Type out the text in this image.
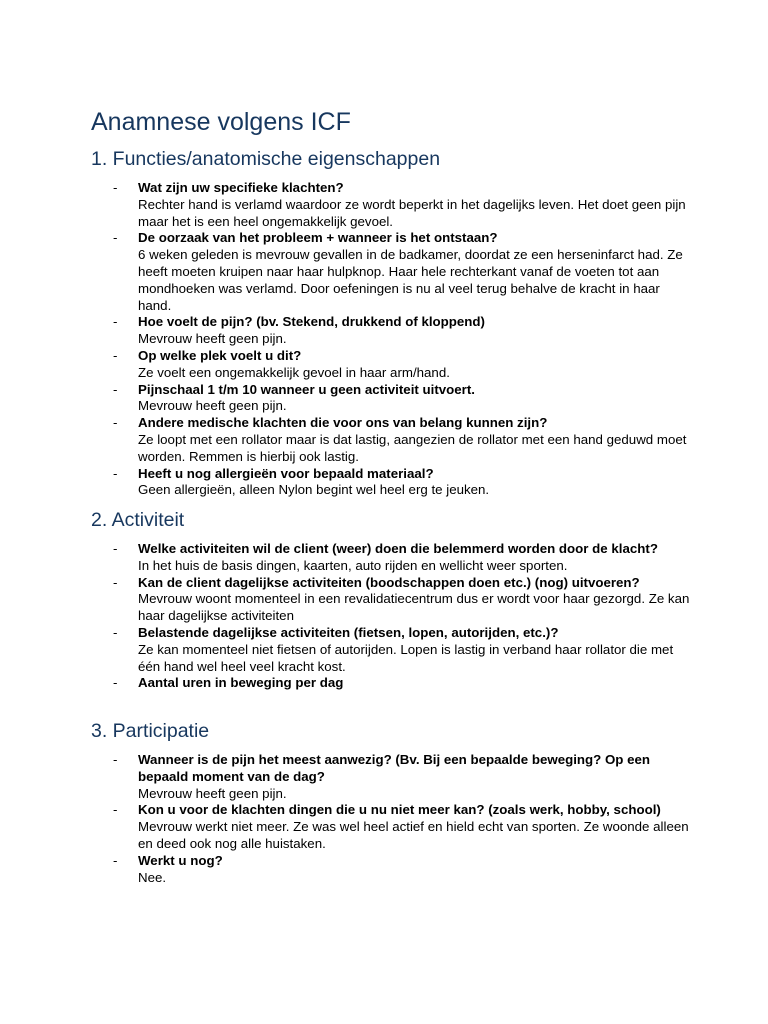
Anamnese volgens ICF
1. Functies/anatomische eigenschappen
- Wat zijn uw specifieke klachten?
Rechter hand is verlamd waardoor ze wordt beperkt in het dagelijks leven. Het doet geen pijn maar het is een heel ongemakkelijk gevoel.
- De oorzaak van het probleem + wanneer is het ontstaan?
6 weken geleden is mevrouw gevallen in de badkamer, doordat ze een herseninfarct had. Ze heeft moeten kruipen naar haar hulpknop. Haar hele rechterkant vanaf de voeten tot aan mondhoeken was verlamd. Door oefeningen is nu al veel terug behalve de kracht in haar hand.
- Hoe voelt de pijn? (bv. Stekend, drukkend of kloppend)
Mevrouw heeft geen pijn.
- Op welke plek voelt u dit?
Ze voelt een ongemakkelijk gevoel in haar arm/hand.
- Pijnschaal 1 t/m 10 wanneer u geen activiteit uitvoert.
Mevrouw heeft geen pijn.
- Andere medische klachten die voor ons van belang kunnen zijn?
Ze loopt met een rollator maar is dat lastig, aangezien de rollator met een hand geduwd moet worden. Remmen is hierbij ook lastig.
- Heeft u nog allergieën voor bepaald materiaal?
Geen allergieën, alleen Nylon begint wel heel erg te jeuken.
2. Activiteit
- Welke activiteiten wil de client (weer) doen die belemmerd worden door de klacht?
In het huis de basis dingen, kaarten, auto rijden en wellicht weer sporten.
- Kan de client dagelijkse activiteiten (boodschappen doen etc.) (nog) uitvoeren?
Mevrouw woont momenteel in een revalidatiecentrum dus er wordt voor haar gezorgd. Ze kan haar dagelijkse activiteiten
- Belastende dagelijkse activiteiten (fietsen, lopen, autorijden, etc.)?
Ze kan momenteel niet fietsen of autorijden. Lopen is lastig in verband haar rollator die met één hand wel heel veel kracht kost.
- Aantal uren in beweging per dag
3. Participatie
- Wanneer is de pijn het meest aanwezig? (Bv. Bij een bepaalde beweging? Op een bepaald moment van de dag?
Mevrouw heeft geen pijn.
- Kon u voor de klachten dingen die u nu niet meer kan? (zoals werk, hobby, school)
Mevrouw werkt niet meer. Ze was wel heel actief en hield echt van sporten. Ze woonde alleen en deed ook nog alle huistaken.
- Werkt u nog?
Nee.
